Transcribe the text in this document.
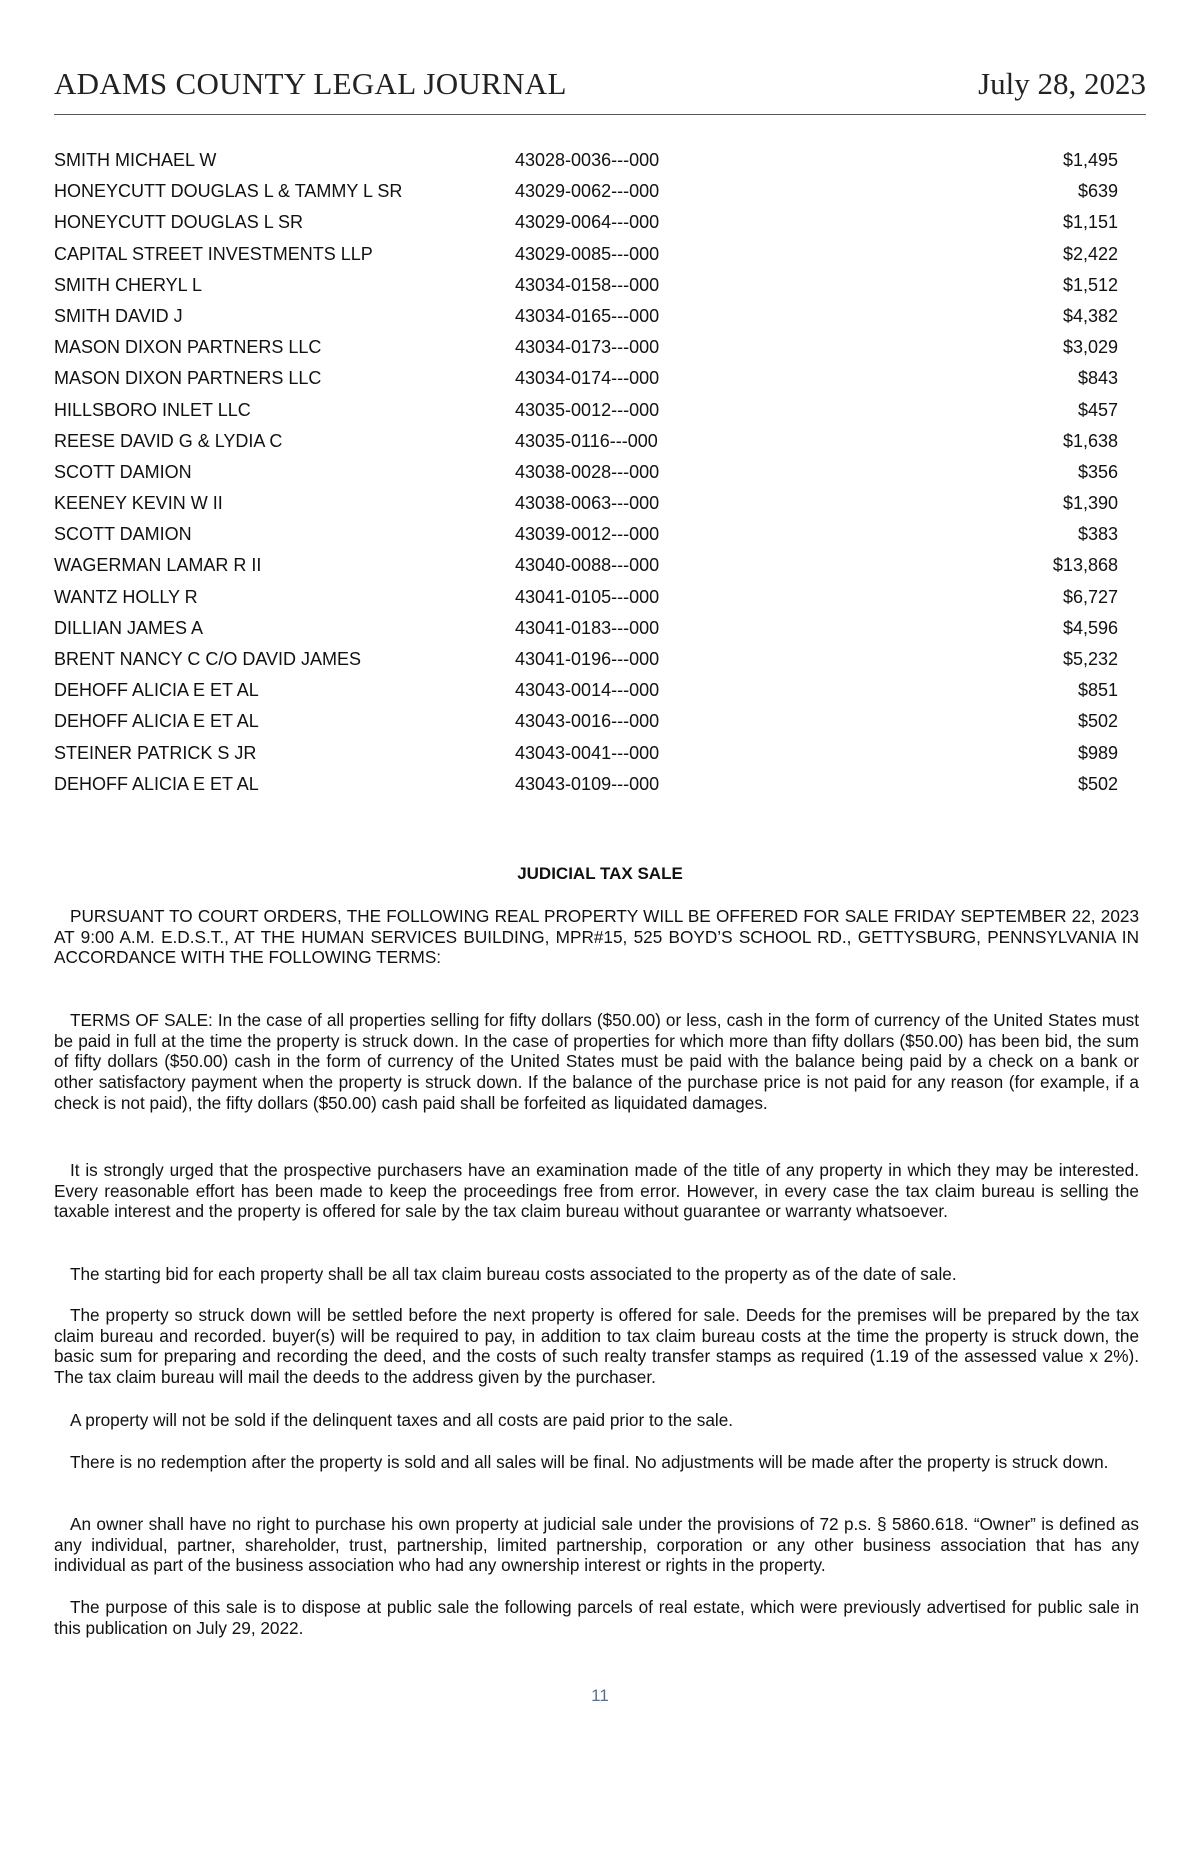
ADAMS COUNTY LEGAL JOURNAL	July 28, 2023
SMITH MICHAEL W	43028-0036---000	$1,495
HONEYCUTT DOUGLAS L & TAMMY L SR	43029-0062---000	$639
HONEYCUTT DOUGLAS L SR	43029-0064---000	$1,151
CAPITAL STREET INVESTMENTS LLP	43029-0085---000	$2,422
SMITH CHERYL L	43034-0158---000	$1,512
SMITH DAVID J	43034-0165---000	$4,382
MASON DIXON PARTNERS LLC	43034-0173---000	$3,029
MASON DIXON PARTNERS LLC	43034-0174---000	$843
HILLSBORO INLET LLC	43035-0012---000	$457
REESE DAVID G & LYDIA C	43035-0116---000	$1,638
SCOTT DAMION	43038-0028---000	$356
KEENEY KEVIN W II	43038-0063---000	$1,390
SCOTT DAMION	43039-0012---000	$383
WAGERMAN LAMAR R II	43040-0088---000	$13,868
WANTZ HOLLY R	43041-0105---000	$6,727
DILLIAN JAMES A	43041-0183---000	$4,596
BRENT NANCY C C/O DAVID JAMES	43041-0196---000	$5,232
DEHOFF ALICIA E ET AL	43043-0014---000	$851
DEHOFF ALICIA E ET AL	43043-0016---000	$502
STEINER PATRICK S JR	43043-0041---000	$989
DEHOFF ALICIA E ET AL	43043-0109---000	$502
JUDICIAL TAX SALE

PURSUANT TO COURT ORDERS, THE FOLLOWING REAL PROPERTY WILL BE OFFERED FOR SALE FRIDAY SEPTEMBER 22, 2023 AT 9:00 A.M. E.D.S.T., AT THE HUMAN SERVICES BUILDING, MPR#15, 525 BOYD’S SCHOOL RD., GETTYSBURG, PENNSYLVANIA IN ACCORDANCE WITH THE FOLLOWING TERMS:

TERMS OF SALE: In the case of all properties selling for fifty dollars ($50.00) or less, cash in the form of currency of the United States must be paid in full at the time the property is struck down. In the case of properties for which more than fifty dollars ($50.00) has been bid, the sum of fifty dollars ($50.00) cash in the form of currency of the United States must be paid with the balance being paid by a check on a bank or other satisfactory payment when the property is struck down. If the balance of the purchase price is not paid for any reason (for example, if a check is not paid), the fifty dollars ($50.00) cash paid shall be forfeited as liquidated damages.

It is strongly urged that the prospective purchasers have an examination made of the title of any property in which they may be interested. Every reasonable effort has been made to keep the proceedings free from error. However, in every case the tax claim bureau is selling the taxable interest and the property is offered for sale by the tax claim bureau without guarantee or warranty whatsoever.

The starting bid for each property shall be all tax claim bureau costs associated to the property as of the date of sale.

The property so struck down will be settled before the next property is offered for sale. Deeds for the premises will be prepared by the tax claim bureau and recorded. buyer(s) will be required to pay, in addition to tax claim bureau costs at the time the property is struck down, the basic sum for preparing and recording the deed, and the costs of such realty transfer stamps as required (1.19 of the assessed value x 2%). The tax claim bureau will mail the deeds to the address given by the purchaser.

A property will not be sold if the delinquent taxes and all costs are paid prior to the sale.

There is no redemption after the property is sold and all sales will be final. No adjustments will be made after the property is struck down.

An owner shall have no right to purchase his own property at judicial sale under the provisions of 72 p.s. § 5860.618. “Owner” is defined as any individual, partner, shareholder, trust, partnership, limited partnership, corporation or any other business association that has any individual as part of the business association who had any ownership interest or rights in the property.

The purpose of this sale is to dispose at public sale the following parcels of real estate, which were previously advertised for public sale in this publication on July 29, 2022.

11
